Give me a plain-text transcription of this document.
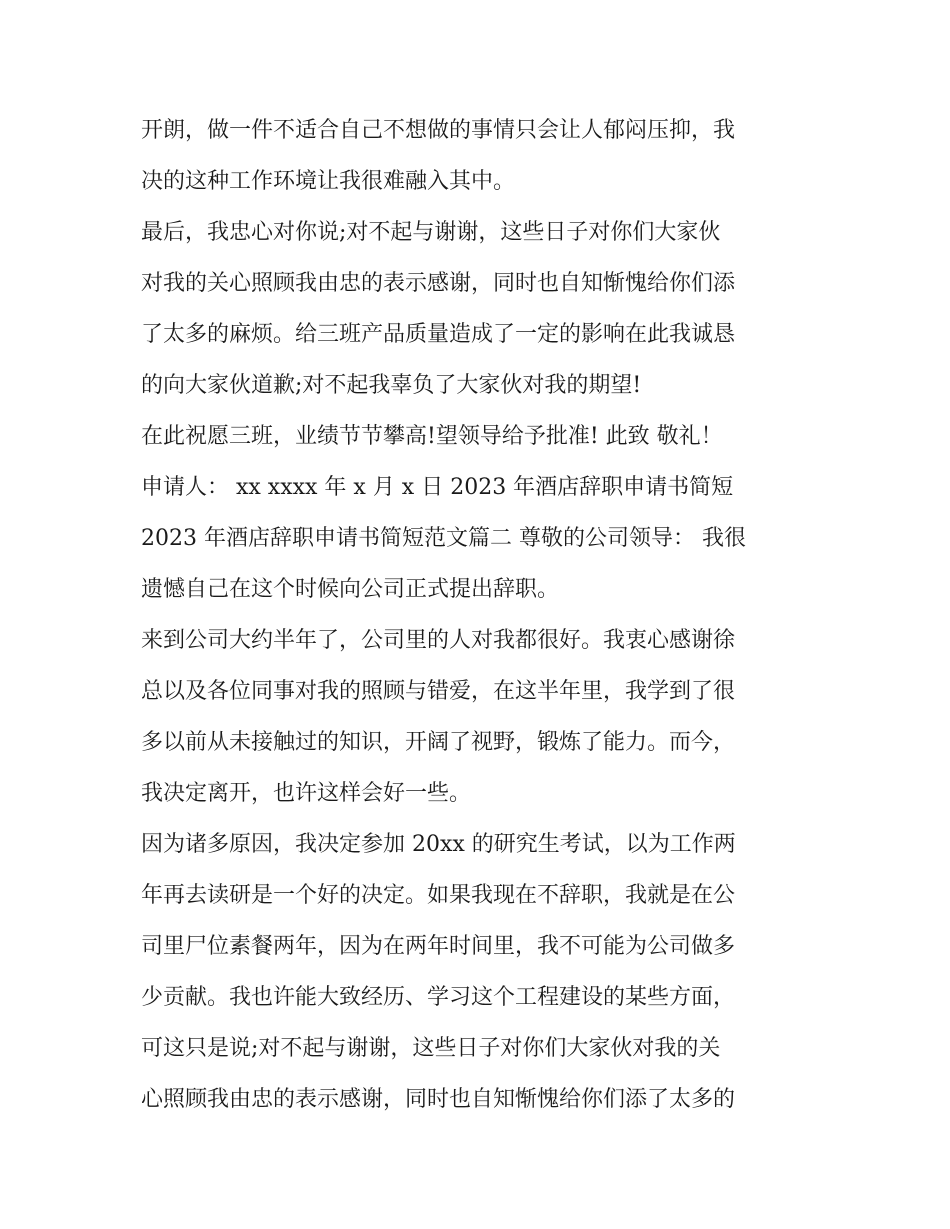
开朗，做一件不适合自己不想做的事情只会让人郁闷压抑，我
决的这种工作环境让我很难融入其中。
最后，我忠心对你说;对不起与谢谢，这些日子对你们大家伙
对我的关心照顾我由忠的表示感谢，同时也自知惭愧给你们添
了太多的麻烦。给三班产品质量造成了一定的影响在此我诚恳
的向大家伙道歉;对不起我辜负了大家伙对我的期望!
在此祝愿三班，业绩节节攀高!望领导给予批准! 此致 敬礼！
申请人： xx xxxx 年 x 月 x 日 2023 年酒店辞职申请书简短
2023 年酒店辞职申请书简短范文篇二 尊敬的公司领导： 我很
遗憾自己在这个时候向公司正式提出辞职。
来到公司大约半年了，公司里的人对我都很好。我衷心感谢徐
总以及各位同事对我的照顾与错爱，在这半年里，我学到了很
多以前从未接触过的知识，开阔了视野，锻炼了能力。而今，
我决定离开，也许这样会好一些。
因为诸多原因，我决定参加 20xx 的研究生考试，以为工作两
年再去读研是一个好的决定。如果我现在不辞职，我就是在公
司里尸位素餐两年，因为在两年时间里，我不可能为公司做多
少贡献。我也许能大致经历、学习这个工程建设的某些方面，
可这只是说;对不起与谢谢，这些日子对你们大家伙对我的关
心照顾我由忠的表示感谢，同时也自知惭愧给你们添了太多的
